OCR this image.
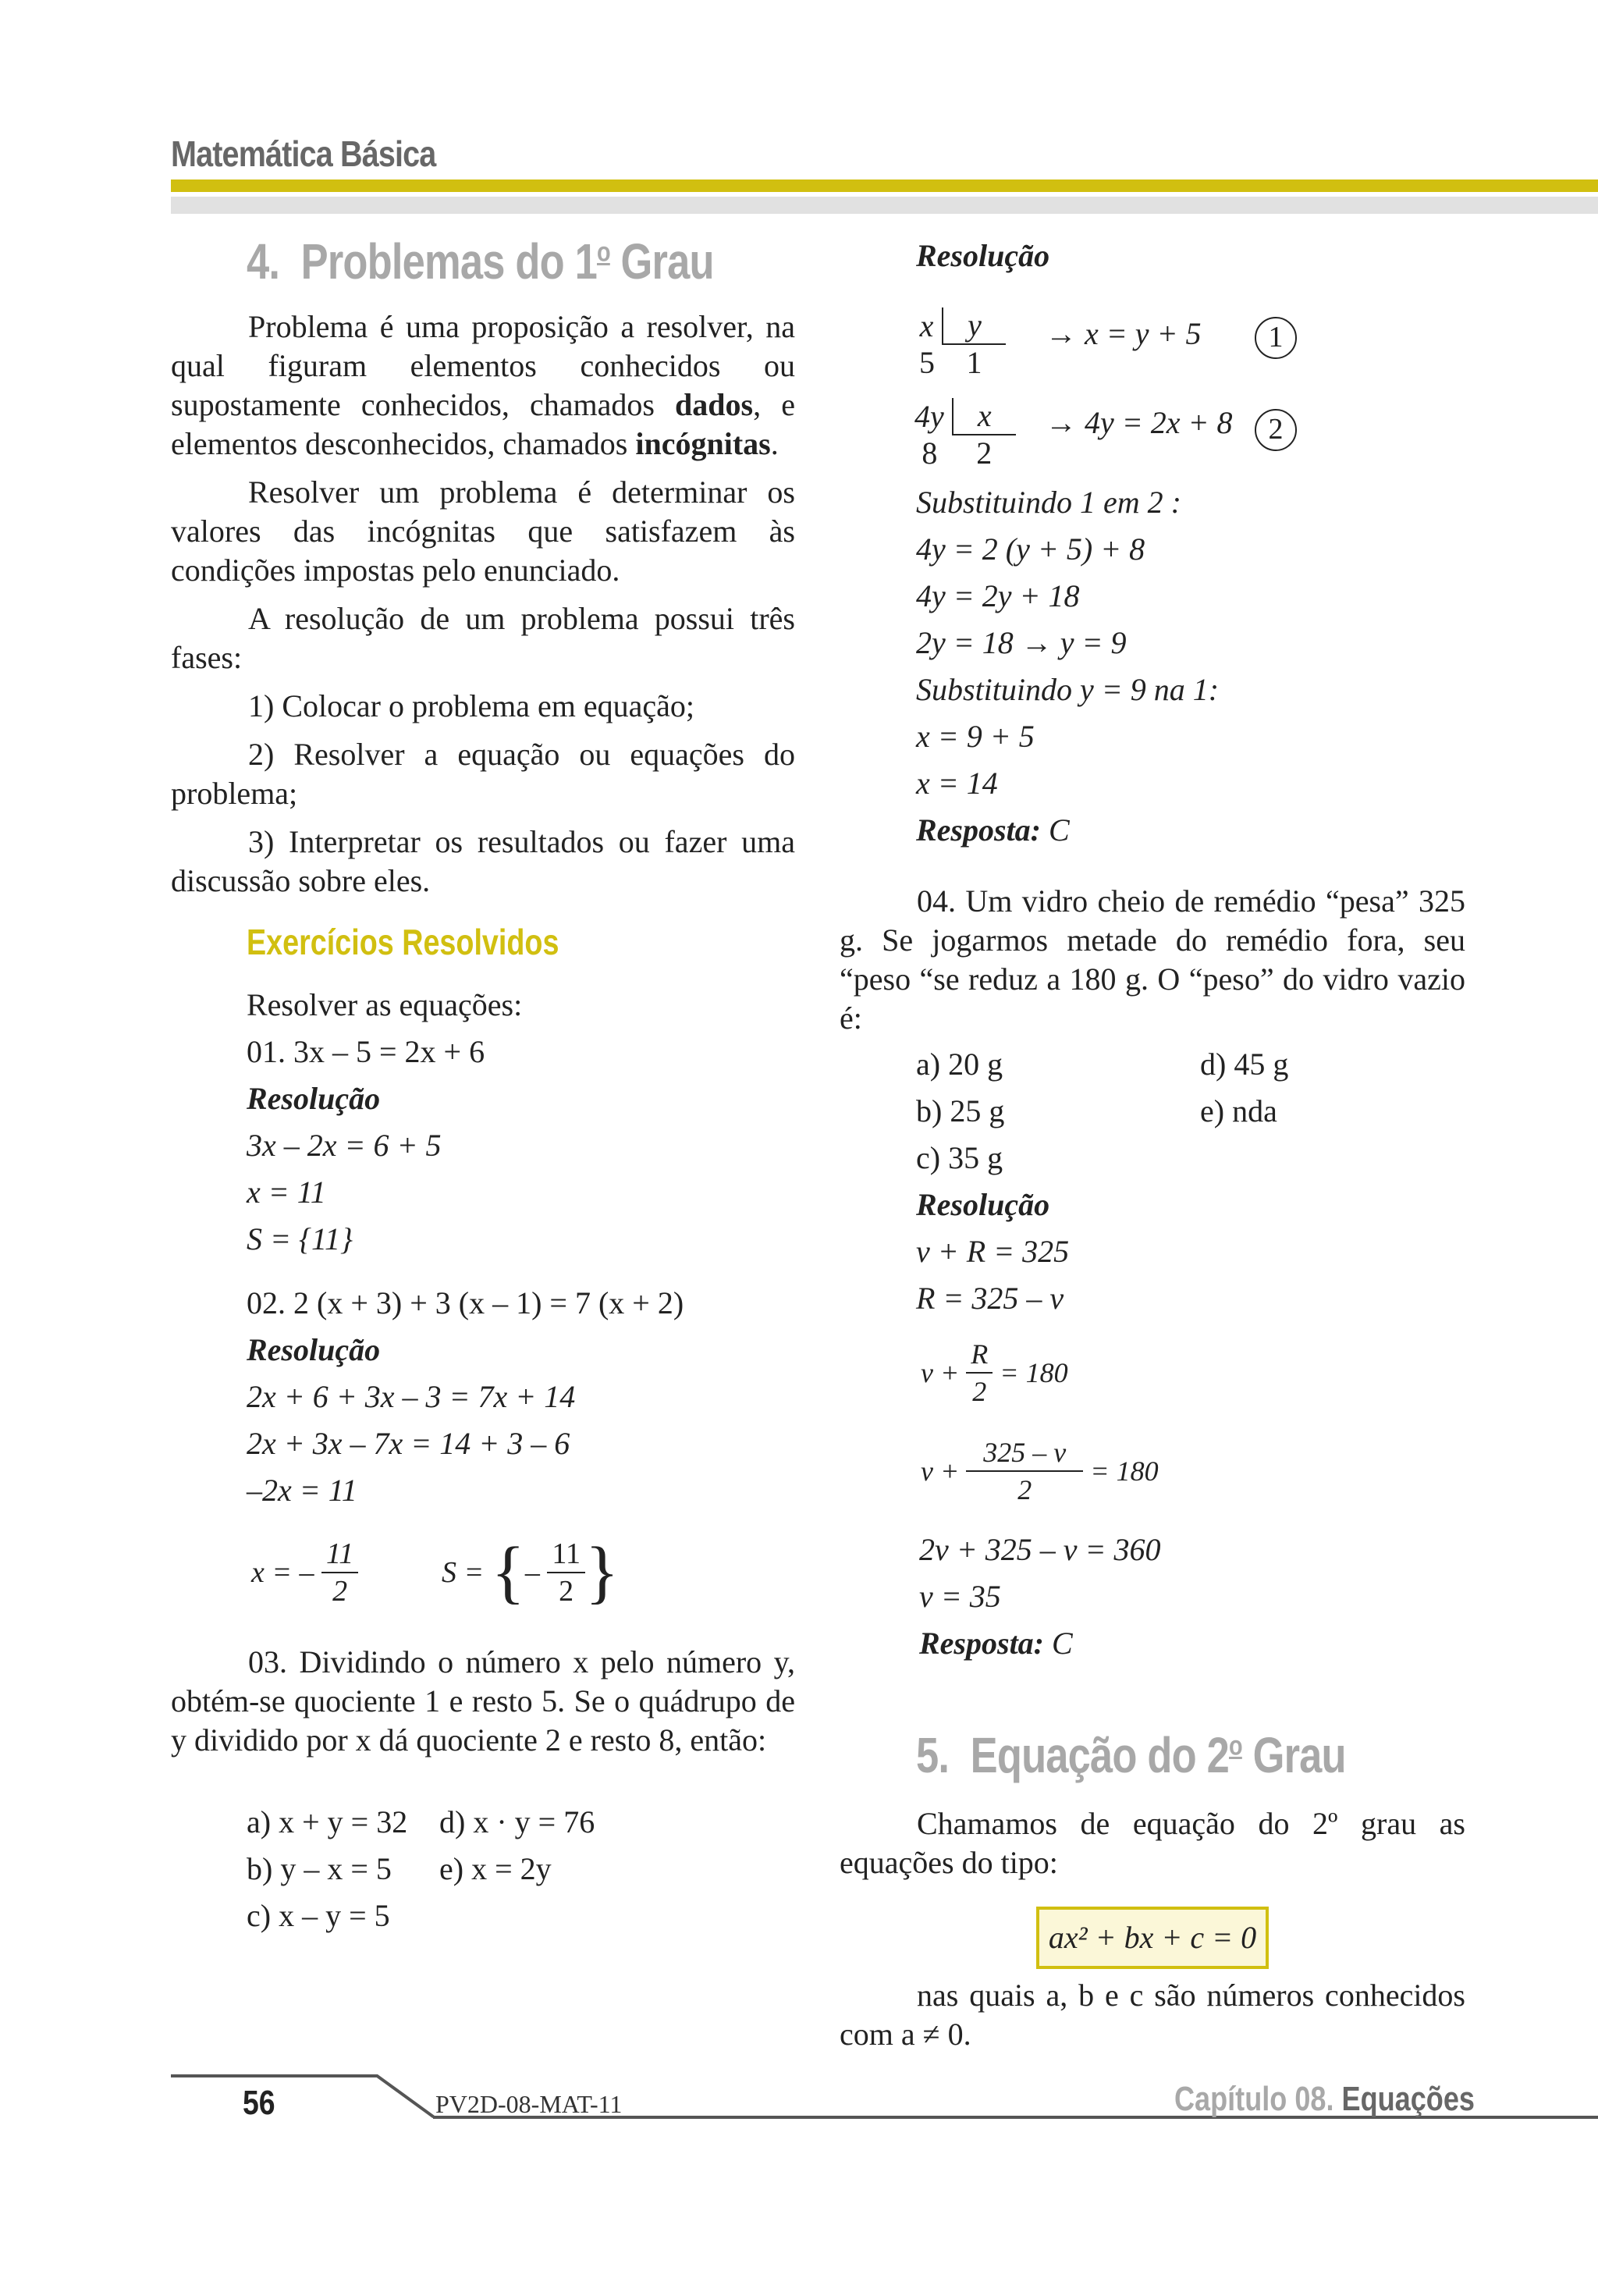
Matemática Básica
4. Problemas do 1$^o$ Grau

Problema é uma proposição a resolver, na qual figuram elementos conhecidos ou supostamente conhecidos, chamados dados, e elementos desconhecidos, chamados incógnitas.

Resolver um problema é determinar os valores das incógnitas que satisfazem às condições impostas pelo enunciado.

A resolução de um problema possui três fases:

1) Colocar o problema em equação;

2) Resolver a equação ou equações do problema;

3) Interpretar os resultados ou fazer uma discussão sobre eles.

Exercícios Resolvidos
Resolver as equações:
01. 3x – 5 = 2x + 6
Resolução
3x – 2x = 6 + 5
x = 11
S = {11}
02. 2 (x + 3) + 3 (x – 1) = 7 (x + 2)
Resolução
2x + 6 + 3x – 3 = 7x + 14
2x + 3x – 7x = 14 + 3 – 6
–2x = 11
x = – $\frac{11}{2}$	S = {– $\frac{11}{2}$ }

03. Dividindo o número x pelo número y, obtém-se quociente 1 e resto 5. Se o quádrupo de y dividido por x dá quociente 2 e resto 8, então:

a) x + y = 32
b) y – x = 5
c) x – y = 5
d) x · y = 76
e) x = 2y
Resolução
x	y
5	1
→ x = y + 5	1
4y	x
8	2
→ 4y = 2x + 8	2
Substituindo 1 em 2 :
4y = 2 (y + 5) + 8
4y = 2y + 18
2y = 18 → y = 9
Substituindo y = 9 na 1:
x = 9 + 5
x = 14
Resposta: C

04. Um vidro cheio de remédio “pesa” 325 g. Se jogarmos metade do remédio fora, seu “peso “se reduz a 180 g. O “peso” do vidro vazio é:

a) 20 g
b) 25 g
c) 35 g
Resolução
v + R = 325
R = 325 – v
d) 45 g
e) nda
$v + \frac{R}{2} = 180$
$v + \frac{325 - v}{2} = 180$
2v + 325 – v = 360
v = 35
Resposta: C
5. Equação do 2$^o$ Grau

Chamamos de equação do 2º grau as equações do tipo:

ax² + bx + c = 0

nas quais a, b e c são números conhecidos com a ≠ 0.

56	PV2D-08-MAT-11	Capítulo 08. Equações
